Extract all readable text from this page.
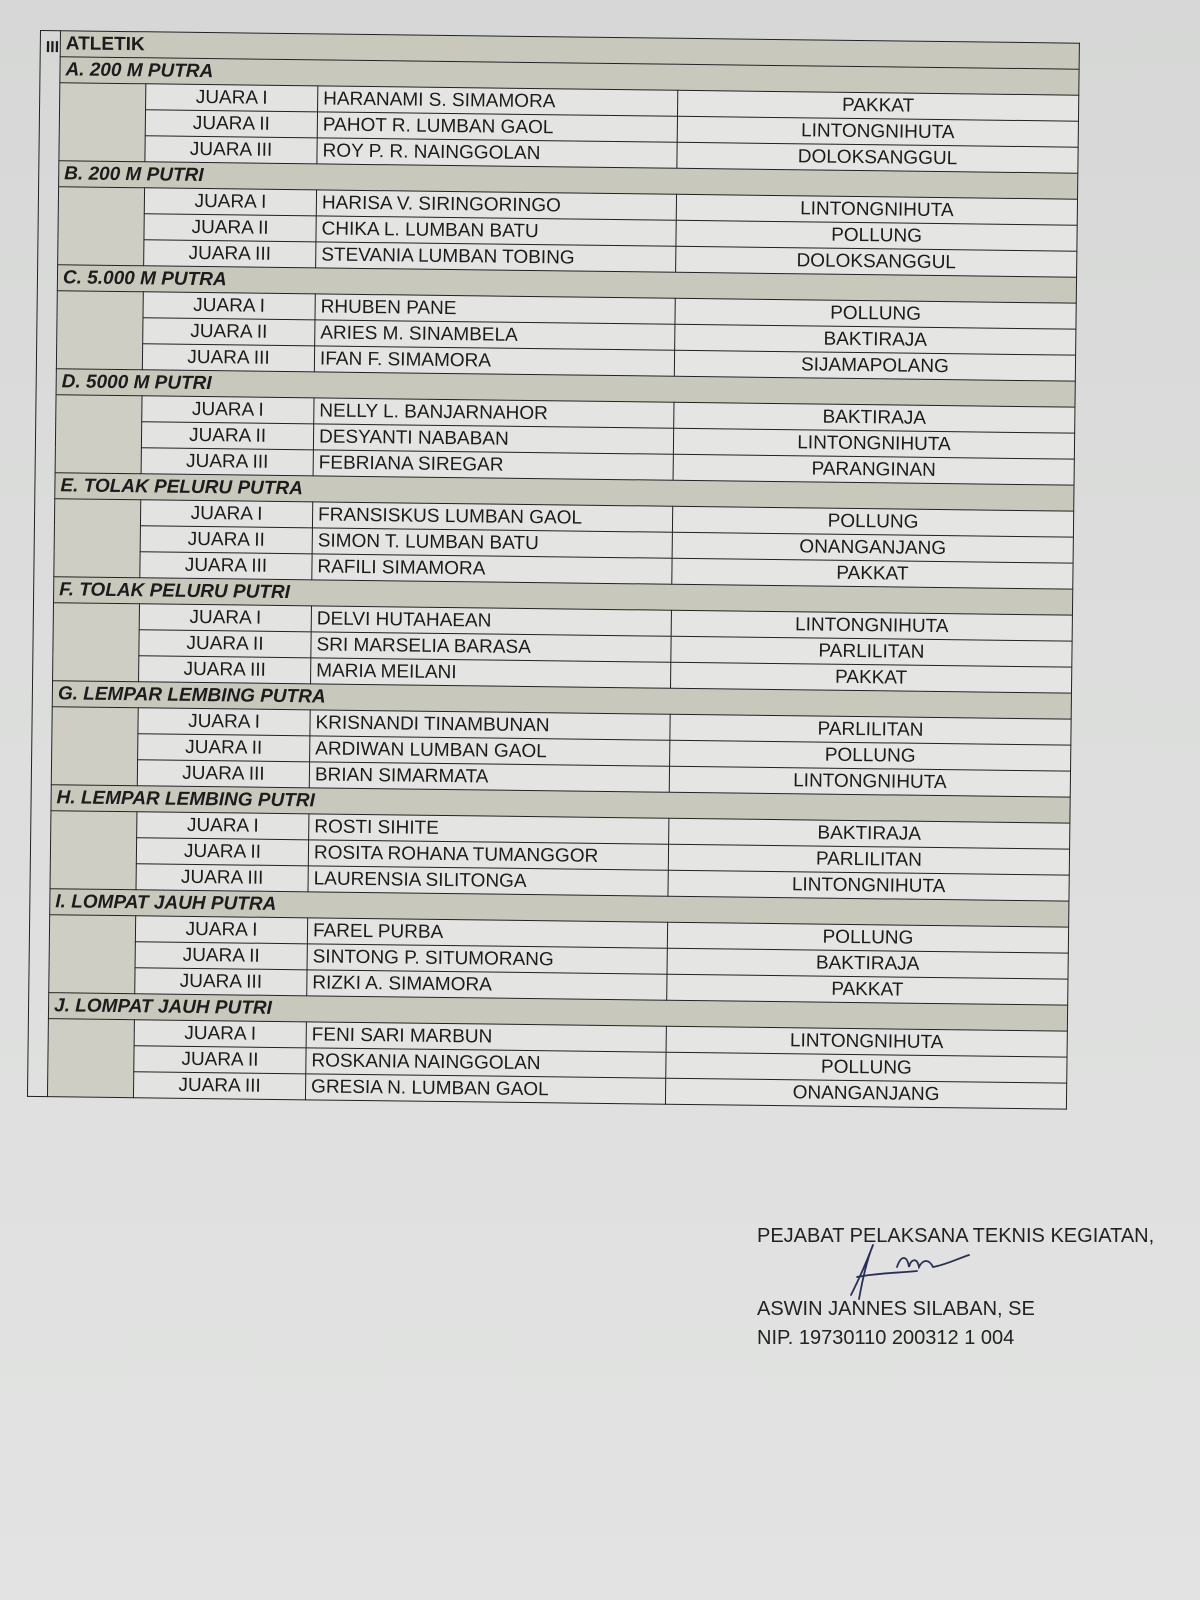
III	ATLETIK			
	A. 200 M PUTRA			
		JUARA I	HARANAMI S. SIMAMORA	PAKKAT
		JUARA II	PAHOT R. LUMBAN GAOL	LINTONGNIHUTA
		JUARA III	ROY P. R. NAINGGOLAN	DOLOKSANGGUL
	B. 200 M PUTRI			
		JUARA I	HARISA V. SIRINGORINGO	LINTONGNIHUTA
		JUARA II	CHIKA L. LUMBAN BATU	POLLUNG
		JUARA III	STEVANIA LUMBAN TOBING	DOLOKSANGGUL
	C. 5.000 M PUTRA			
		JUARA I	RHUBEN PANE	POLLUNG
		JUARA II	ARIES M. SINAMBELA	BAKTIRAJA
		JUARA III	IFAN F. SIMAMORA	SIJAMAPOLANG
	D. 5000 M PUTRI			
		JUARA I	NELLY L. BANJARNAHOR	BAKTIRAJA
		JUARA II	DESYANTI NABABAN	LINTONGNIHUTA
		JUARA III	FEBRIANA SIREGAR	PARANGINAN
	E. TOLAK PELURU PUTRA			
		JUARA I	FRANSISKUS LUMBAN GAOL	POLLUNG
		JUARA II	SIMON T. LUMBAN BATU	ONANGANJANG
		JUARA III	RAFILI SIMAMORA	PAKKAT
	F. TOLAK PELURU PUTRI			
		JUARA I	DELVI HUTAHAEAN	LINTONGNIHUTA
		JUARA II	SRI MARSELIA BARASA	PARLILITAN
		JUARA III	MARIA MEILANI	PAKKAT
	G. LEMPAR LEMBING PUTRA			
		JUARA I	KRISNANDI TINAMBUNAN	PARLILITAN
		JUARA II	ARDIWAN LUMBAN GAOL	POLLUNG
		JUARA III	BRIAN SIMARMATA	LINTONGNIHUTA
	H. LEMPAR LEMBING PUTRI			
		JUARA I	ROSTI SIHITE	BAKTIRAJA
		JUARA II	ROSITA ROHANA TUMANGGOR	PARLILITAN
		JUARA III	LAURENSIA SILITONGA	LINTONGNIHUTA
	I. LOMPAT JAUH PUTRA			
		JUARA I	FAREL PURBA	POLLUNG
		JUARA II	SINTONG P. SITUMORANG	BAKTIRAJA
		JUARA III	RIZKI A. SIMAMORA	PAKKAT
	J. LOMPAT JAUH PUTRI			
		JUARA I	FENI SARI MARBUN	LINTONGNIHUTA
		JUARA II	ROSKANIA NAINGGOLAN	POLLUNG
		JUARA III	GRESIA N. LUMBAN GAOL	ONANGANJANG
PEJABAT PELAKSANA TEKNIS KEGIATAN,
ASWIN JANNES SILABAN, SE
NIP. 19730110 200312 1 004
